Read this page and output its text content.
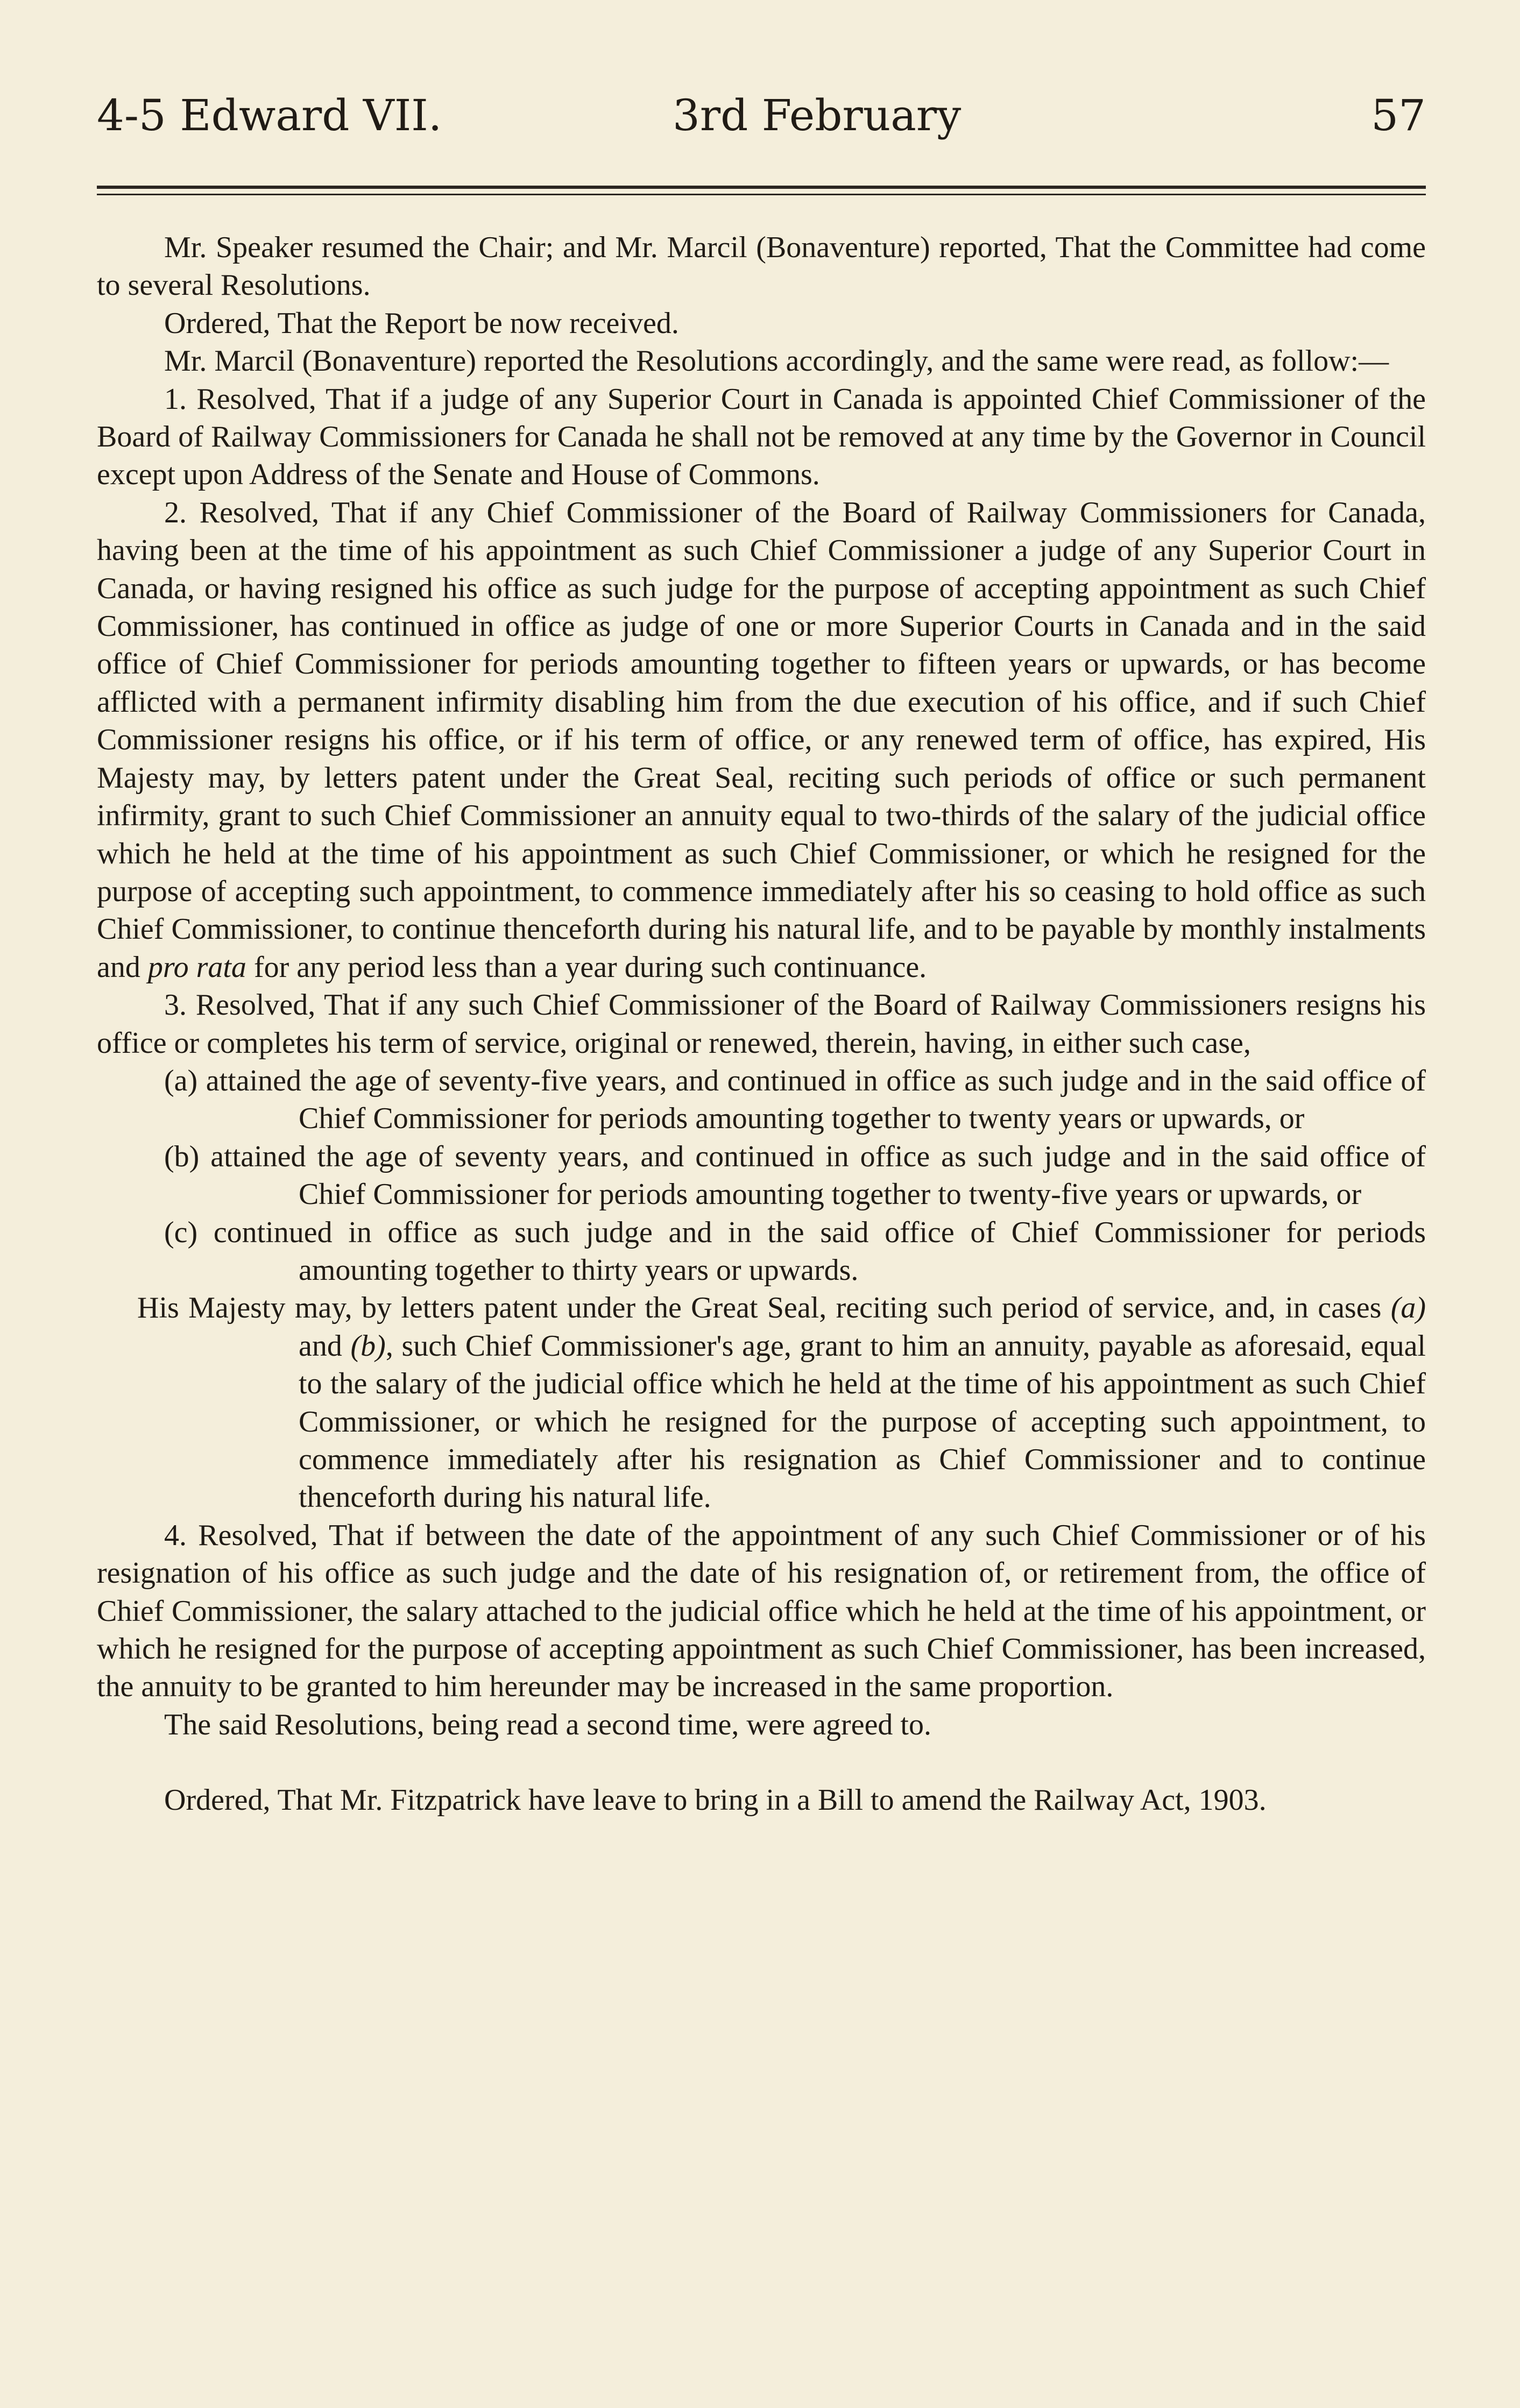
4-5 Edward VII.	3rd February	57

Mr. Speaker resumed the Chair; and Mr. Marcil (Bonaventure) reported, That the Committee had come to several Resolutions.

Ordered, That the Report be now received.

Mr. Marcil (Bonaventure) reported the Resolutions accordingly, and the same were read, as follow:—

1. Resolved, That if a judge of any Superior Court in Canada is appointed Chief Commissioner of the Board of Railway Commissioners for Canada he shall not be removed at any time by the Governor in Council except upon Address of the Senate and House of Commons.

2. Resolved, That if any Chief Commissioner of the Board of Railway Commissioners for Canada, having been at the time of his appointment as such Chief Commissioner a judge of any Superior Court in Canada, or having resigned his office as such judge for the purpose of accepting appointment as such Chief Commissioner, has continued in office as judge of one or more Superior Courts in Canada and in the said office of Chief Commissioner for periods amounting together to fifteen years or upwards, or has become afflicted with a permanent infirmity disabling him from the due execution of his office, and if such Chief Commissioner resigns his office, or if his term of office, or any renewed term of office, has expired, His Majesty may, by letters patent under the Great Seal, reciting such periods of office or such permanent infirmity, grant to such Chief Commissioner an annuity equal to two-thirds of the salary of the judicial office which he held at the time of his appointment as such Chief Commissioner, or which he resigned for the purpose of accepting such appointment, to commence immediately after his so ceasing to hold office as such Chief Commissioner, to continue thenceforth during his natural life, and to be payable by monthly instalments and pro rata for any period less than a year during such continuance.

3. Resolved, That if any such Chief Commissioner of the Board of Railway Commissioners resigns his office or completes his term of service, original or renewed, therein, having, in either such case,

(a) attained the age of seventy-five years, and continued in office as such judge and in the said office of Chief Commissioner for periods amounting together to twenty years or upwards, or

(b) attained the age of seventy years, and continued in office as such judge and in the said office of Chief Commissioner for periods amounting together to twenty-five years or upwards, or

(c) continued in office as such judge and in the said office of Chief Commissioner for periods amounting together to thirty years or upwards.

His Majesty may, by letters patent under the Great Seal, reciting such period of service, and, in cases (a) and (b), such Chief Commissioner's age, grant to him an annuity, payable as aforesaid, equal to the salary of the judicial office which he held at the time of his appointment as such Chief Commissioner, or which he resigned for the purpose of accepting such appointment, to commence immediately after his resignation as Chief Commissioner and to continue thenceforth during his natural life.

4. Resolved, That if between the date of the appointment of any such Chief Commissioner or of his resignation of his office as such judge and the date of his resignation of, or retirement from, the office of Chief Commissioner, the salary attached to the judicial office which he held at the time of his appointment, or which he resigned for the purpose of accepting appointment as such Chief Commissioner, has been increased, the annuity to be granted to him hereunder may be increased in the same proportion.

The said Resolutions, being read a second time, were agreed to.

Ordered, That Mr. Fitzpatrick have leave to bring in a Bill to amend the Railway Act, 1903.
